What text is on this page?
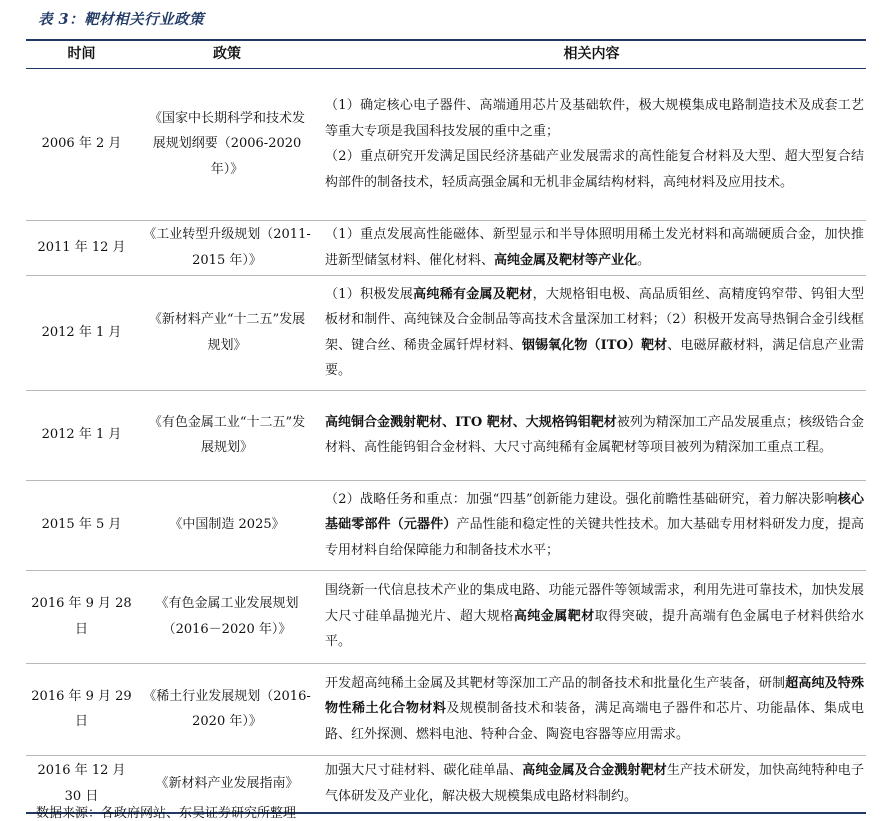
表 3：靶材相关行业政策
时间	政策	相关内容
2006 年 2 月	《国家中长期科学和技术发展规划纲要（2006-2020 年）》	（1）确定核心电子器件、高端通用芯片及基础软件，极大规模集成电路制造技术及成套工艺等重大专项是我国科技发展的重中之重；
（2）重点研究开发满足国民经济基础产业发展需求的高性能复合材料及大型、超大型复合结构部件的制备技术，轻质高强金属和无机非金属结构材料，高纯材料及应用技术。

2011 年 12 月	《工业转型升级规划（2011-2015 年）》	（1）重点发展高性能磁体、新型显示和半导体照明用稀土发光材料和高端硬质合金，加快推进新型储氢材料、催化材料、高纯金属及靶材等产业化。

2012 年 1 月	《新材料产业“十二五”发展规划》	（1）积极发展高纯稀有金属及靶材，大规格钼电极、高品质钼丝、高精度钨窄带、钨钼大型板材和制件、高纯铼及合金制品等高技术含量深加工材料；（2）积极开发高导热铜合金引线框架、键合丝、稀贵金属钎焊材料、铟锡氧化物（ITO）靶材、电磁屏蔽材料，满足信息产业需要。

2012 年 1 月	《有色金属工业“十二五”发展规划》	高纯铜合金溅射靶材、ITO 靶材、大规格钨钼靶材被列为精深加工产品发展重点；核级锆合金材料、高性能钨钼合金材料、大尺寸高纯稀有金属靶材等项目被列为精深加工重点工程。

2015 年 5 月	《中国制造 2025》	（2）战略任务和重点：加强“四基”创新能力建设。强化前瞻性基础研究，着力解决影响核心基础零部件（元器件）产品性能和稳定性的关键共性技术。加大基础专用材料研发力度，提高专用材料自给保障能力和制备技术水平；

2016 年 9 月 28 日	《有色金属工业发展规划（2016－2020 年）》	围绕新一代信息技术产业的集成电路、功能元器件等领域需求，利用先进可靠技术，加快发展大尺寸硅单晶抛光片、超大规格高纯金属靶材取得突破，提升高端有色金属电子材料供给水平。

2016 年 9 月 29 日	《稀土行业发展规划（2016-2020 年）》	开发超高纯稀土金属及其靶材等深加工产品的制备技术和批量化生产装备，研制超高纯及特殊物性稀土化合物材料及规模制备技术和装备，满足高端电子器件和芯片、功能晶体、集成电路、红外探测、燃料电池、特种合金、陶瓷电容器等应用需求。

2016 年 12 月 30 日	《新材料产业发展指南》	加强大尺寸硅材料、碳化硅单晶、高纯金属及合金溅射靶材生产技术研发，加快高纯特种电子气体研发及产业化，解决极大规模集成电路材料制约。
数据来源：各政府网站、东吴证券研究所整理
